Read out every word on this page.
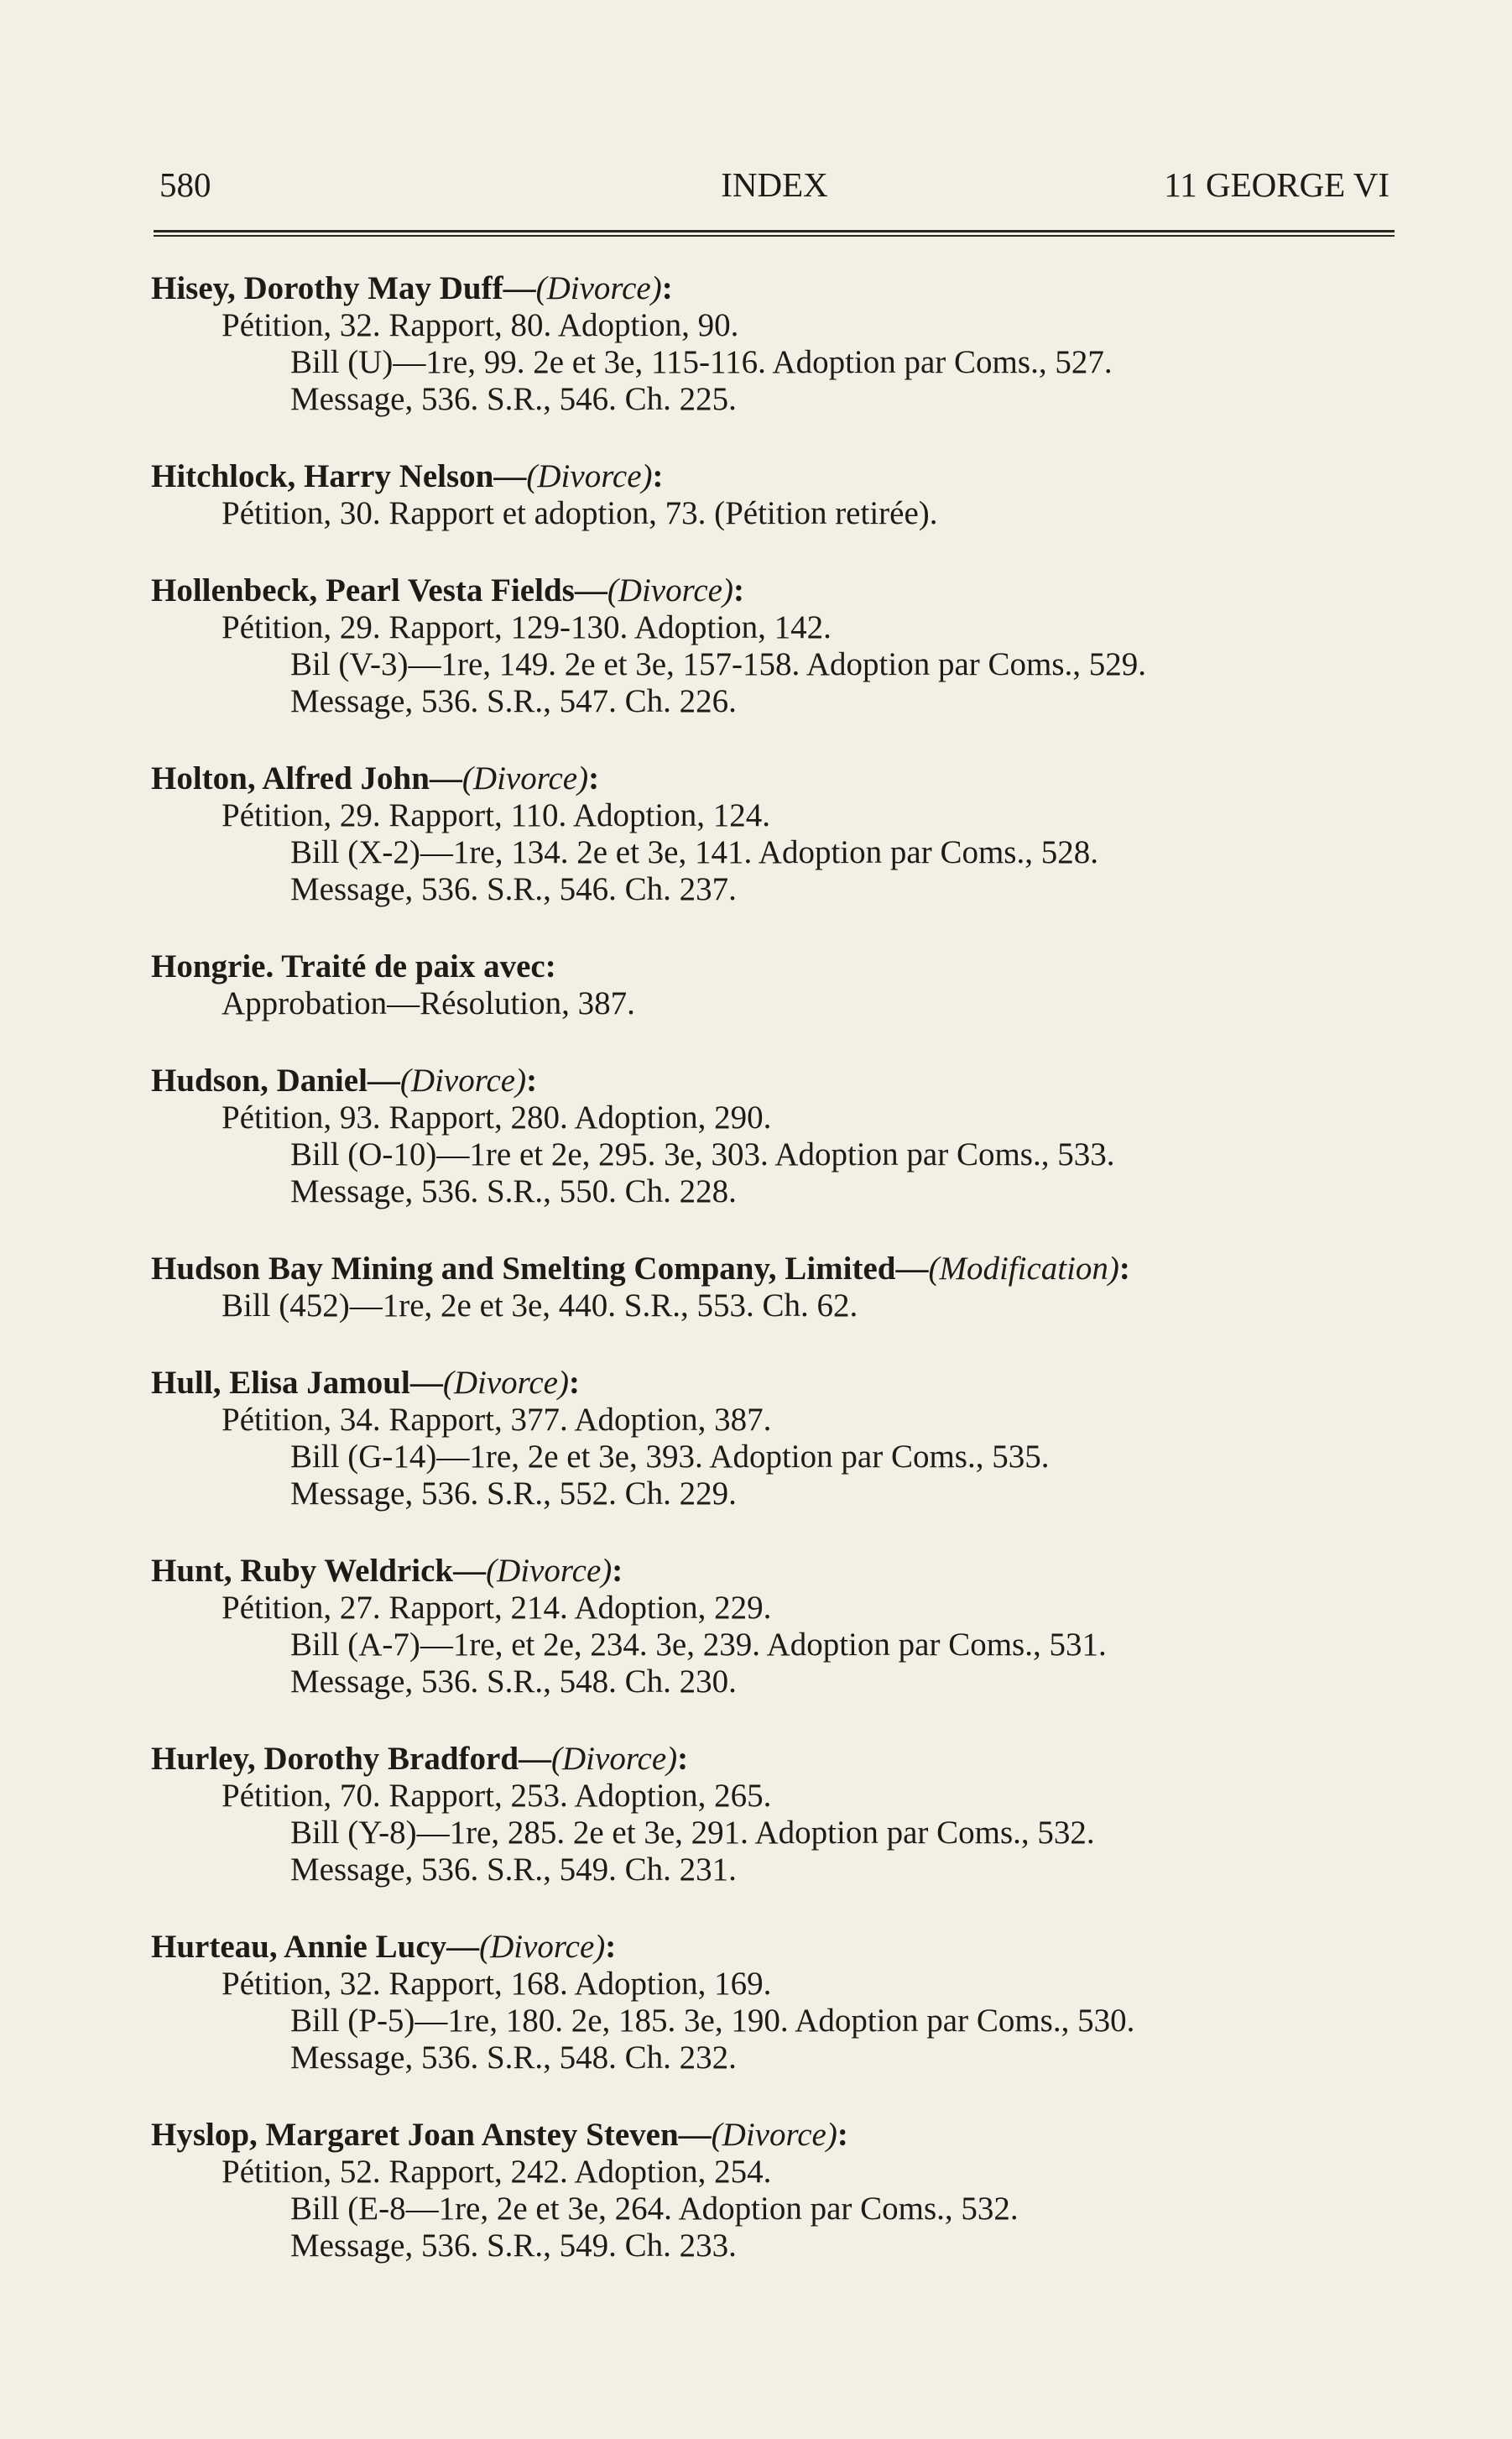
INDEX
580	11 GEORGE VI
Hisey, Dorothy May Duff—(Divorce):
Pétition, 32. Rapport, 80. Adoption, 90.
Bill (U)—1re, 99. 2e et 3e, 115-116. Adoption par Coms., 527.
Message, 536. S.R., 546. Ch. 225.
Hitchlock, Harry Nelson—(Divorce):
Pétition, 30. Rapport et adoption, 73. (Pétition retirée).
Hollenbeck, Pearl Vesta Fields—(Divorce):
Pétition, 29. Rapport, 129-130. Adoption, 142.
Bil (V-3)—1re, 149. 2e et 3e, 157-158. Adoption par Coms., 529.
Message, 536. S.R., 547. Ch. 226.
Holton, Alfred John—(Divorce):
Pétition, 29. Rapport, 110. Adoption, 124.
Bill (X-2)—1re, 134. 2e et 3e, 141. Adoption par Coms., 528.
Message, 536. S.R., 546. Ch. 237.
Hongrie. Traité de paix avec:
Approbation—Résolution, 387.
Hudson, Daniel—(Divorce):
Pétition, 93. Rapport, 280. Adoption, 290.
Bill (O-10)—1re et 2e, 295. 3e, 303. Adoption par Coms., 533.
Message, 536. S.R., 550. Ch. 228.
Hudson Bay Mining and Smelting Company, Limited—(Modification):
Bill (452)—1re, 2e et 3e, 440. S.R., 553. Ch. 62.
Hull, Elisa Jamoul—(Divorce):
Pétition, 34. Rapport, 377. Adoption, 387.
Bill (G-14)—1re, 2e et 3e, 393. Adoption par Coms., 535.
Message, 536. S.R., 552. Ch. 229.
Hunt, Ruby Weldrick—(Divorce):
Pétition, 27. Rapport, 214. Adoption, 229.
Bill (A-7)—1re, et 2e, 234. 3e, 239. Adoption par Coms., 531.
Message, 536. S.R., 548. Ch. 230.
Hurley, Dorothy Bradford—(Divorce):
Pétition, 70. Rapport, 253. Adoption, 265.
Bill (Y-8)—1re, 285. 2e et 3e, 291. Adoption par Coms., 532.
Message, 536. S.R., 549. Ch. 231.
Hurteau, Annie Lucy—(Divorce):
Pétition, 32. Rapport, 168. Adoption, 169.
Bill (P-5)—1re, 180. 2e, 185. 3e, 190. Adoption par Coms., 530.
Message, 536. S.R., 548. Ch. 232.
Hyslop, Margaret Joan Anstey Steven—(Divorce):
Pétition, 52. Rapport, 242. Adoption, 254.
Bill (E-8—1re, 2e et 3e, 264. Adoption par Coms., 532.
Message, 536. S.R., 549. Ch. 233.
